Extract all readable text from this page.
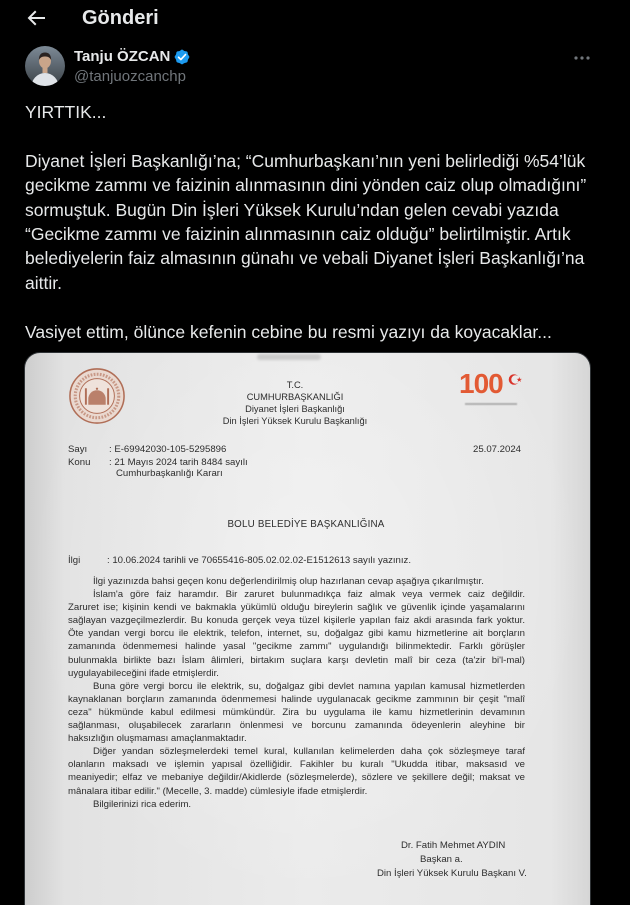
Gönderi
Tanju ÖZCAN
@tanjuozcanchp
YIRTTIK...
Diyanet İşleri Başkanlığı’na; “Cumhurbaşkanı’nın yeni belirlediği %54’lük
gecikme zammı ve faizinin alınmasının dini yönden caiz olup olmadığını”
sormuştuk. Bugün Din İşleri Yüksek Kurulu’ndan gelen cevabi yazıda
“Gecikme zammı ve faizinin alınmasının caiz olduğu” belirtilmiştir. Artık
belediyelerin faiz almasının günahı ve vebali Diyanet İşleri Başkanlığı’na
aittir.
Vasiyet ettim, ölünce kefenin cebine bu resmi yazıyı da koyacaklar...
T.C.
CUMHURBAŞKANLIĞI
Diyanet İşleri Başkanlığı
Din İşleri Yüksek Kurulu Başkanlığı
100
Sayı : E-69942030-105-5295896	25.07.2024
Konu : 21 Mayıs 2024 tarih 8484 sayılı
Cumhurbaşkanlığı Kararı
BOLU BELEDİYE BAŞKANLIĞINA
İlgi	: 10.06.2024 tarihli ve 70655416-805.02.02.02-E1512613 sayılı yazınız.
İlgi yazınızda bahsi geçen konu değerlendirilmiş olup hazırlanan cevap aşağıya çıkarılmıştır.
İslam'a göre faiz haramdır. Bir zaruret bulunmadıkça faiz almak veya vermek caiz değildir.
Zaruret ise; kişinin kendi ve bakmakla yükümlü olduğu bireylerin sağlık ve güvenlik içinde yaşamalarını
sağlayan vazgeçilmezlerdir. Bu konuda gerçek veya tüzel kişilerle yapılan faiz akdi arasında fark yoktur.
Öte yandan vergi borcu ile elektrik, telefon, internet, su, doğalgaz gibi kamu hizmetlerine ait borçların
zamanında ödenmemesi halinde yasal "gecikme zammı" uygulandığı bilinmektedir. Farklı görüşler
bulunmakla birlikte bazı İslam âlimleri, birtakım suçlara karşı devletin malî bir ceza (ta'zir bi'l-mal)
uygulayabileceğini ifade etmişlerdir.
Buna göre vergi borcu ile elektrik, su, doğalgaz gibi devlet namına yapılan kamusal hizmetlerden
kaynaklanan borçların zamanında ödenmemesi halinde uygulanacak gecikme zammının bir çeşit "malî
ceza" hükmünde kabul edilmesi mümkündür. Zira bu uygulama ile kamu hizmetlerinin devamının
sağlanması, oluşabilecek zararların önlenmesi ve borcunu zamanında ödeyenlerin aleyhine bir
haksızlığın oluşmaması amaçlanmaktadır.
Diğer yandan sözleşmelerdeki temel kural, kullanılan kelimelerden daha çok sözleşmeye taraf
olanların maksadı ve işlemin yapısal özelliğidir. Fakihler bu kuralı "Ukudda itibar, maksasıd ve
meaniyedir; elfaz ve mebaniye değildir/Akidlerde (sözleşmelerde), sözlere ve şekillere değil; maksat ve
mânalara itibar edilir." (Mecelle, 3. madde) cümlesiyle ifade etmişlerdir.
Bilgilerinizi rica ederim.
Dr. Fatih Mehmet AYDIN
Başkan a.
Din İşleri Yüksek Kurulu Başkanı V.
